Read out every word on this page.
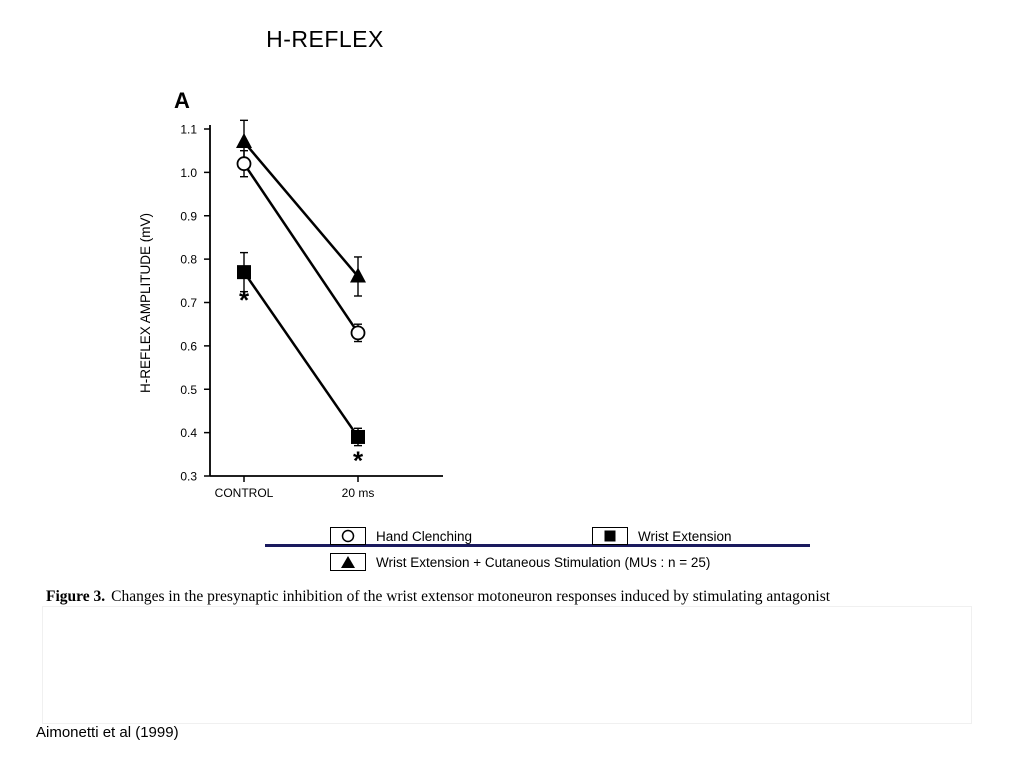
H-REFLEX
A
H-REFLEX AMPLITUDE (mV)
0.3
0.4
0.5
0.6
0.7
0.8
0.9
1.0
1.1
CONTROL	20 ms
*
*
Hand Clenching	Wrist Extension
Wrist Extension + Cutaneous Stimulation (MUs : n = 25)
Figure 3. Changes in the presynaptic inhibition of the wrist extensor motoneuron responses induced by stimulating antagonist
Aimonetti et al (1999)
